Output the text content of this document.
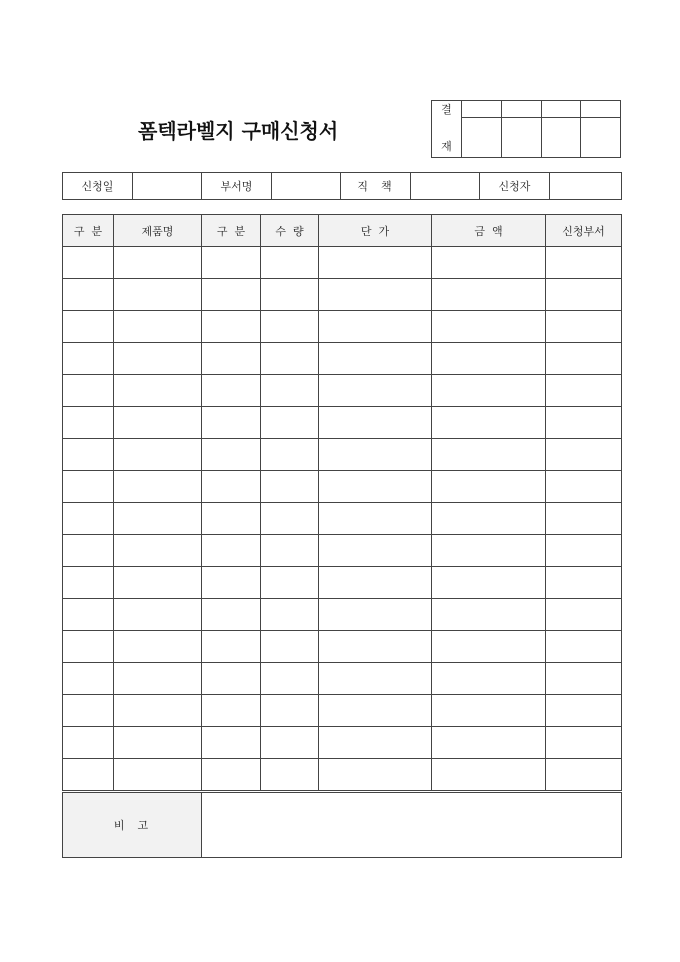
폼텍라벨지 구매신청서
결				
재				
신청일		부서명		직  책		신청자	
구  분	제품명	구  분	수  량	단  가	금  액	신청부서

비  고						
